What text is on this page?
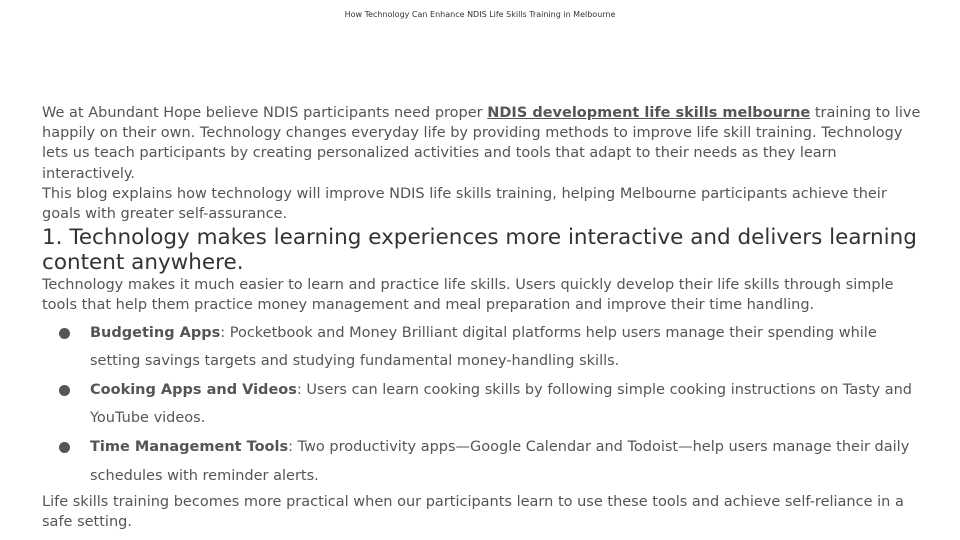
How Technology Can Enhance NDIS Life Skills Training in Melbourne

We at Abundant Hope believe NDIS participants need proper NDIS development life skills melbourne training to live happily on their own. Technology changes everyday life by providing methods to improve life skill training. Technology lets us teach participants by creating personalized activities and tools that adapt to their needs as they learn interactively.

This blog explains how technology will improve NDIS life skills training, helping Melbourne participants achieve their goals with greater self-assurance.

1. Technology makes learning experiences more interactive and delivers learning content anywhere.

Technology makes it much easier to learn and practice life skills. Users quickly develop their life skills through simple tools that help them practice money management and meal preparation and improve their time handling.

Budgeting Apps: Pocketbook and Money Brilliant digital platforms help users manage their spending while setting savings targets and studying fundamental money-handling skills.
Cooking Apps and Videos: Users can learn cooking skills by following simple cooking instructions on Tasty and YouTube videos.
Time Management Tools: Two productivity apps—Google Calendar and Todoist—help users manage their daily schedules with reminder alerts.

Life skills training becomes more practical when our participants learn to use these tools and achieve self-reliance in a safe setting.
